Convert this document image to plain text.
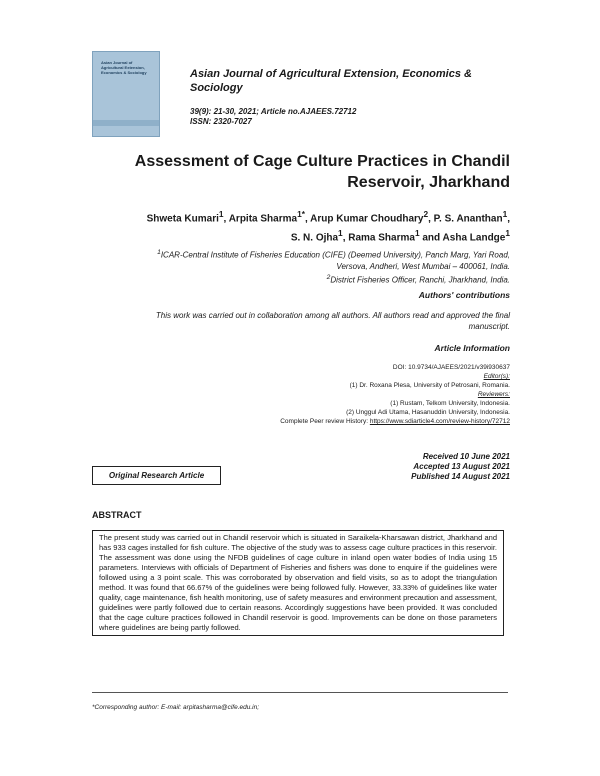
Asian Journal of Agricultural Extension, Economics & Sociology	Asian Journal of Agricultural Extension, Economics & Sociology
39(9): 21-30, 2021; Article no.AJAEES.72712
ISSN: 2320-7027
Assessment of Cage Culture Practices in Chandil
Reservoir, Jharkhand
Shweta Kumari$^1$, Arpita Sharma$^{1*}$, Arup Kumar Choudhary$^2$, P. S. Ananthan$^1$,
S. N. Ojha$^1$, Rama Sharma$^1$ and Asha Landge$^1$
$^1$ICAR-Central Institute of Fisheries Education (CIFE) (Deemed University), Panch Marg, Yari Road,
Versova, Andheri, West Mumbai – 400061, India.
$^2$District Fisheries Officer, Ranchi, Jharkhand, India.
Authors' contributions
This work was carried out in collaboration among all authors. All authors read and approved the final
manuscript.
Article Information
DOI: 10.9734/AJAEES/2021/v39i930637
Editor(s):
(1) Dr. Roxana Plesa, University of Petrosani, Romania.
Reviewers:
(1) Rustam, Telkom University, Indonesia.
(2) Unggul Adi Utama, Hasanuddin University, Indonesia.
Complete Peer review History: https://www.sdiarticle4.com/review-history/72712
Original Research Article
Received 10 June 2021
Accepted 13 August 2021
Published 14 August 2021
ABSTRACT
The present study was carried out in Chandil reservoir which is situated in Saraikela-Kharsawan district, Jharkhand and has 933 cages installed for fish culture. The objective of the study was to assess cage culture practices in this reservoir. The assessment was done using the NFDB guidelines of cage culture in inland open water bodies of India using 15 parameters. Interviews with officials of Department of Fisheries and fishers was done to enquire if the guidelines were followed using a 3 point scale. This was corroborated by observation and field visits, so as to adopt the triangulation method. It was found that 66.67% of the guidelines were being followed fully. However, 33.33% of guidelines like water quality, cage maintenance, fish health monitoring, use of safety measures and environment precaution and assessment, guidelines were partly followed due to certain reasons. Accordingly suggestions have been provided. It was concluded that the cage culture practices followed in Chandil reservoir is good. Improvements can be done on those parameters where guidelines are being partly followed.
*Corresponding author: E-mail: arpitasharma@cife.edu.in;
